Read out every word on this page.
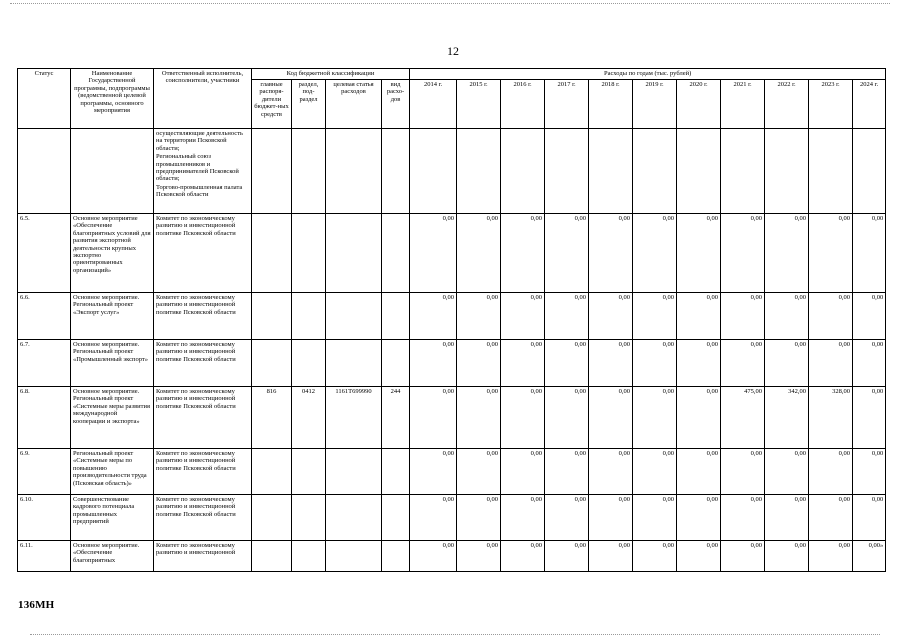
12
Статус	Наименование Государственной программы, подпрограммы (ведомственной целевой программы, основного мероприятия	Ответственный исполнитель, соисполнители, участники	Код бюджетной классификации				Расходы по годам (тыс. рублей)										
			главные распоря-дители бюджет-ных средств	раздел, под-раздел	целевая статья расходов	вид расхо-дов	2014 г.	2015 г.	2016 г.	2017 г.	2018 г.	2019 г.	2020 г.	2021 г.	2022 г.	2023 г.	2024 г.

		осуществляющие деятельность на территории Псковской области;
Региональный союз промышленников и предпринимателей Псковской области;
Торгово-промышленная палата Псковской области															

6.5.	Основное мероприятие «Обеспечение благоприятных условий для развития экспортной деятельности крупных экспортно ориентированных организаций»	Комитет по экономическому развитию и инвестиционной политике Псковской области					0,00	0,00	0,00	0,00	0,00	0,00	0,00	0,00	0,00	0,00	0,00
6.6.	Основное мероприятие. Региональный проект «Экспорт услуг»	Комитет по экономическому развитию и инвестиционной политике Псковской области					0,00	0,00	0,00	0,00	0,00	0,00	0,00	0,00	0,00	0,00	0,00
6.7.	Основное мероприятие. Региональный проект «Промышленный экспорт»	Комитет по экономическому развитию и инвестиционной политике Псковской области					0,00	0,00	0,00	0,00	0,00	0,00	0,00	0,00	0,00	0,00	0,00
6.8.	Основное мероприятие. Региональный проект «Системные меры развития международной кооперации и экспорта»	Комитет по экономическому развитию и инвестиционной политике Псковской области	816	0412	1161Т699990	244	0,00	0,00	0,00	0,00	0,00	0,00	0,00	475,00	342,00	328,00	0,00
6.9.	Региональный проект «Системные меры по повышению производительности труда (Псковская область)»	Комитет по экономическому развитию и инвестиционной политике Псковской области					0,00	0,00	0,00	0,00	0,00	0,00	0,00	0,00	0,00	0,00	0,00
6.10.	Совершенствование кадрового потенциала промышленных предприятий	Комитет по экономическому развитию и инвестиционной политике Псковской области					0,00	0,00	0,00	0,00	0,00	0,00	0,00	0,00	0,00	0,00	0,00
6.11.	Основное мероприятие. «Обеспечение благоприятных	Комитет по экономическому развитию и инвестиционной					0,00	0,00	0,00	0,00	0,00	0,00	0,00	0,00	0,00	0,00	0,00»
136МН
